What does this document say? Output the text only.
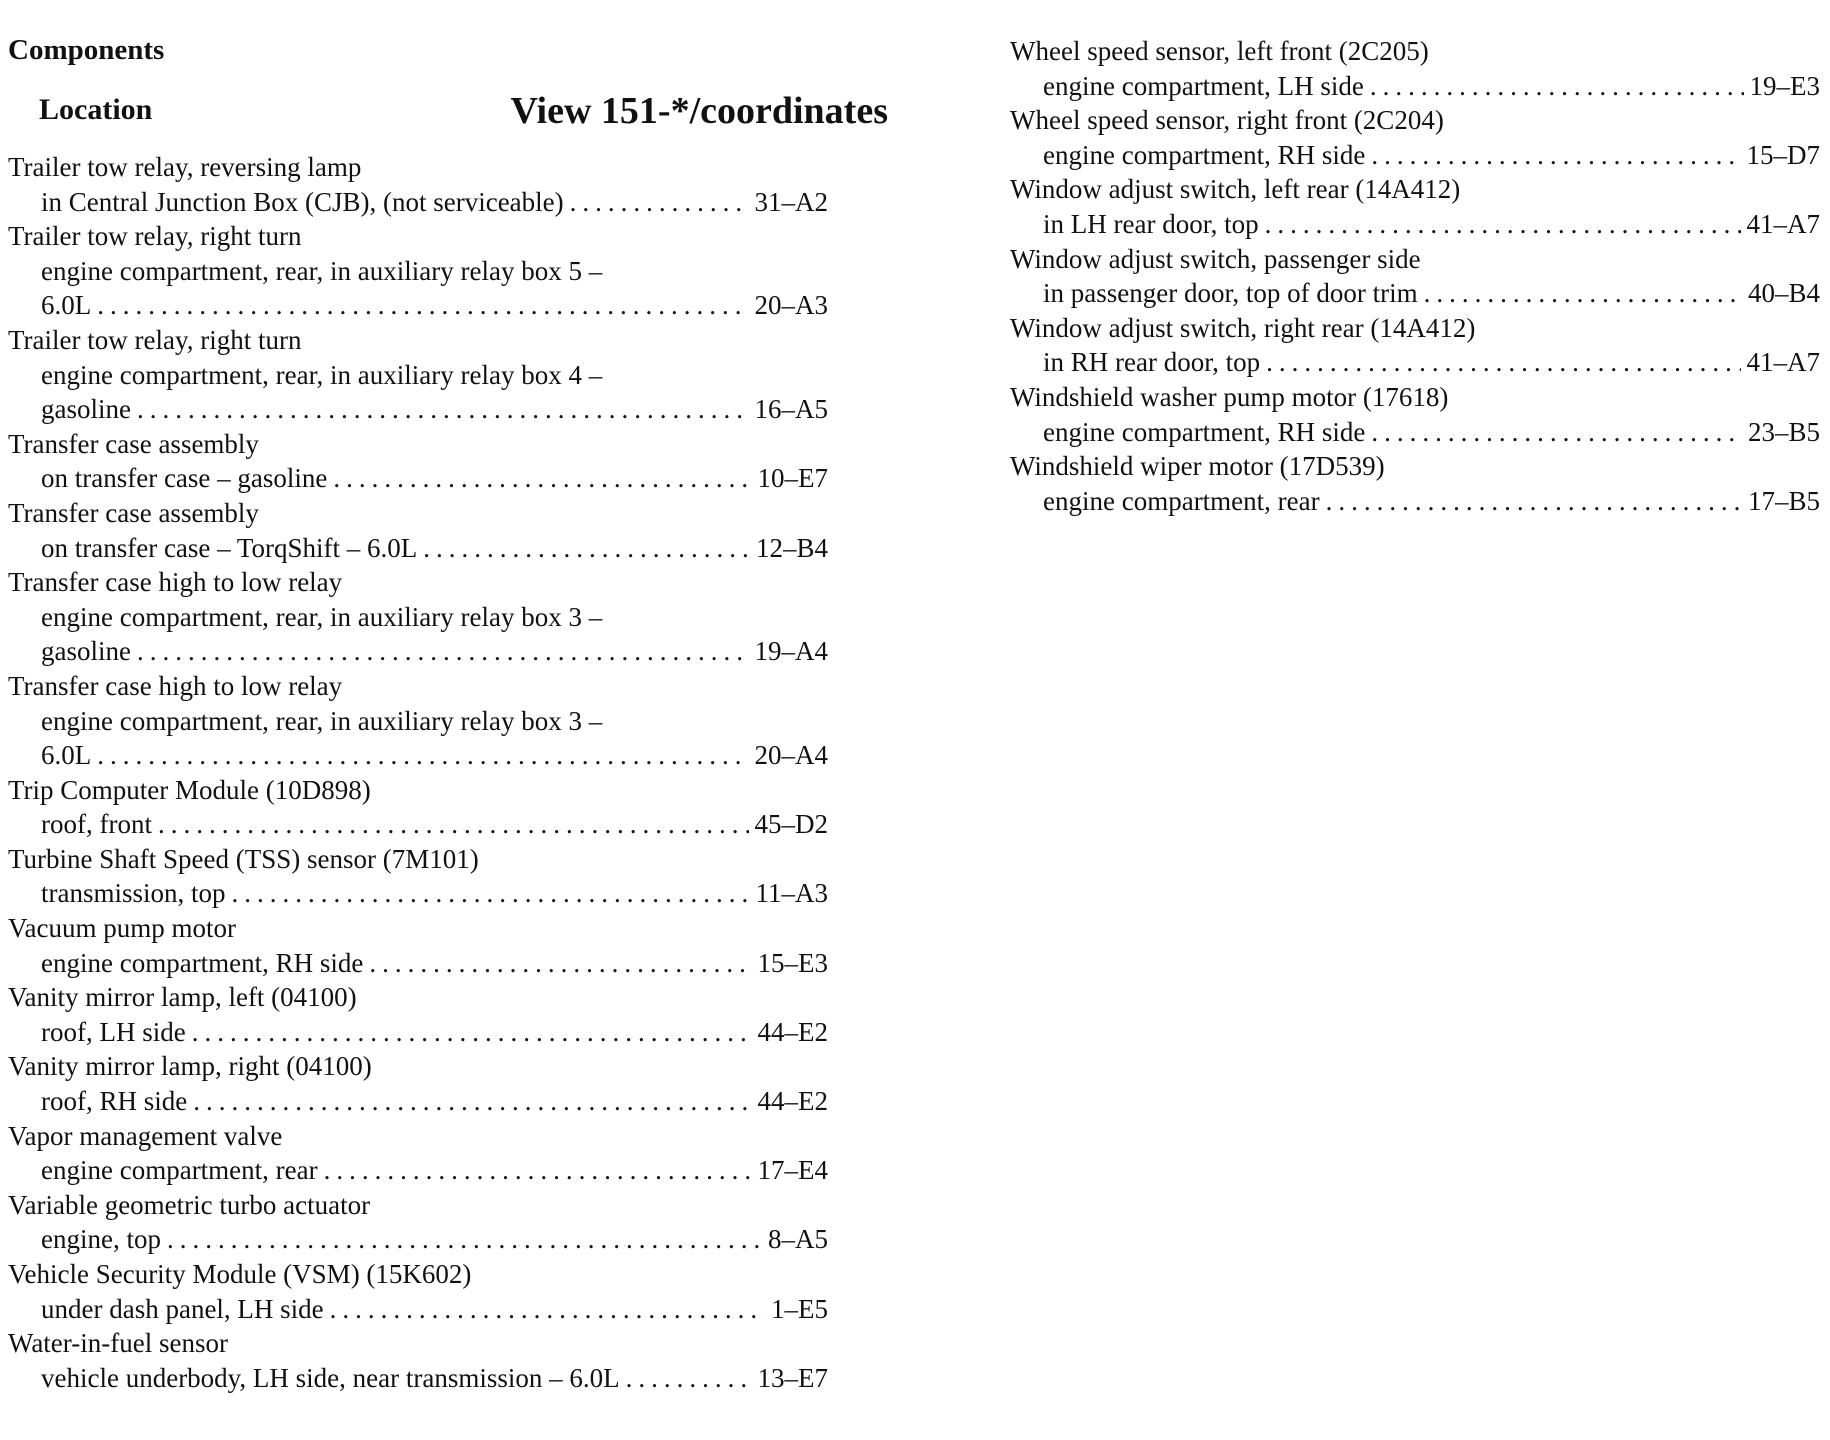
Components
Location	View 151-*/coordinates
Trailer tow relay, reversing lamp
in Central Junction Box (CJB), (not serviceable) .....	31–A2
Trailer tow relay, right turn
engine compartment, rear, in auxiliary relay box 5 –
6.0L .....	20–A3
Trailer tow relay, right turn
engine compartment, rear, in auxiliary relay box 4 –
gasoline .....	16–A5
Transfer case assembly
on transfer case – gasoline .....	10–E7
Transfer case assembly
on transfer case – TorqShift – 6.0L .....	12–B4
Transfer case high to low relay
engine compartment, rear, in auxiliary relay box 3 –
gasoline .....	19–A4
Transfer case high to low relay
engine compartment, rear, in auxiliary relay box 3 –
6.0L .....	20–A4
Trip Computer Module (10D898)
roof, front .....	45–D2
Turbine Shaft Speed (TSS) sensor (7M101)
transmission, top .....	11–A3
Vacuum pump motor
engine compartment, RH side .....	15–E3
Vanity mirror lamp, left (04100)
roof, LH side .....	44–E2
Vanity mirror lamp, right (04100)
roof, RH side .....	44–E2
Vapor management valve
engine compartment, rear .....	17–E4
Variable geometric turbo actuator
engine, top .....	8–A5
Vehicle Security Module (VSM) (15K602)
under dash panel, LH side .....	1–E5
Water-in-fuel sensor
vehicle underbody, LH side, near transmission – 6.0L .....	13–E7
Wheel speed sensor, left front (2C205)
engine compartment, LH side .....	19–E3
Wheel speed sensor, right front (2C204)
engine compartment, RH side .....	15–D7
Window adjust switch, left rear (14A412)
in LH rear door, top .....	41–A7
Window adjust switch, passenger side
in passenger door, top of door trim .....	40–B4
Window adjust switch, right rear (14A412)
in RH rear door, top .....	41–A7
Windshield washer pump motor (17618)
engine compartment, RH side .....	23–B5
Windshield wiper motor (17D539)
engine compartment, rear .....	17–B5
